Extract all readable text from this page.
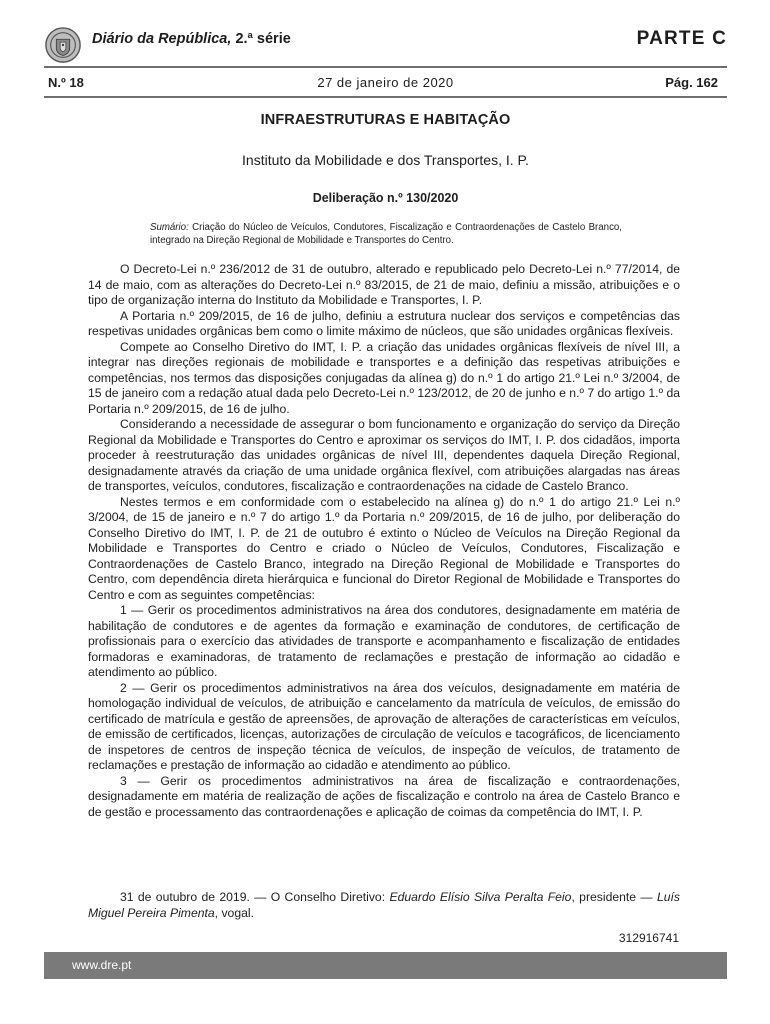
Diário da República, 2.ª série	PARTE C
N.º 18	27 de janeiro de 2020	Pág. 162
INFRAESTRUTURAS E HABITAÇÃO
Instituto da Mobilidade e dos Transportes, I. P.
Deliberação n.º 130/2020
Sumário: Criação do Núcleo de Veículos, Condutores, Fiscalização e Contraordenações de Castelo Branco, integrado na Direção Regional de Mobilidade e Transportes do Centro.

O Decreto-Lei n.º 236/2012 de 31 de outubro, alterado e republicado pelo Decreto-Lei n.º 77/2014, de 14 de maio, com as alterações do Decreto-Lei n.º 83/2015, de 21 de maio, definiu a missão, atribuições e o tipo de organização interna do Instituto da Mobilidade e Transportes, I. P.

A Portaria n.º 209/2015, de 16 de julho, definiu a estrutura nuclear dos serviços e competências das respetivas unidades orgânicas bem como o limite máximo de núcleos, que são unidades orgânicas flexíveis.

Compete ao Conselho Diretivo do IMT, I. P. a criação das unidades orgânicas flexíveis de nível III, a integrar nas direções regionais de mobilidade e transportes e a definição das respetivas atribuições e competências, nos termos das disposições conjugadas da alínea g) do n.º 1 do artigo 21.º Lei n.º 3/2004, de 15 de janeiro com a redação atual dada pelo Decreto-Lei n.º 123/2012, de 20 de junho e n.º 7 do artigo 1.º da Portaria n.º 209/2015, de 16 de julho.

Considerando a necessidade de assegurar o bom funcionamento e organização do serviço da Direção Regional da Mobilidade e Transportes do Centro e aproximar os serviços do IMT, I. P. dos cidadãos, importa proceder à reestruturação das unidades orgânicas de nível III, dependentes daquela Direção Regional, designadamente através da criação de uma unidade orgânica flexível, com atribuições alargadas nas áreas de transportes, veículos, condutores, fiscalização e contraordenações na cidade de Castelo Branco.

Nestes termos e em conformidade com o estabelecido na alínea g) do n.º 1 do artigo 21.º Lei n.º 3/2004, de 15 de janeiro e n.º 7 do artigo 1.º da Portaria n.º 209/2015, de 16 de julho, por deliberação do Conselho Diretivo do IMT, I. P. de 21 de outubro é extinto o Núcleo de Veículos na Direção Regional da Mobilidade e Transportes do Centro e criado o Núcleo de Veículos, Condutores, Fiscalização e Contraordenações de Castelo Branco, integrado na Direção Regional de Mobilidade e Transportes do Centro, com dependência direta hierárquica e funcional do Diretor Regional de Mobilidade e Transportes do Centro e com as seguintes competências:

1 — Gerir os procedimentos administrativos na área dos condutores, designadamente em matéria de habilitação de condutores e de agentes da formação e examinação de condutores, de certificação de profissionais para o exercício das atividades de transporte e acompanhamento e fiscalização de entidades formadoras e examinadoras, de tratamento de reclamações e prestação de informação ao cidadão e atendimento ao público.

2 — Gerir os procedimentos administrativos na área dos veículos, designadamente em matéria de homologação individual de veículos, de atribuição e cancelamento da matrícula de veículos, de emissão do certificado de matrícula e gestão de apreensões, de aprovação de alterações de características em veículos, de emissão de certificados, licenças, autorizações de circulação de veículos e tacográficos, de licenciamento de inspetores de centros de inspeção técnica de veículos, de inspeção de veículos, de tratamento de reclamações e prestação de informação ao cidadão e atendimento ao público.

3 — Gerir os procedimentos administrativos na área de fiscalização e contraordenações, designadamente em matéria de realização de ações de fiscalização e controlo na área de Castelo Branco e de gestão e processamento das contraordenações e aplicação de coimas da competência do IMT, I. P.

31 de outubro de 2019. — O Conselho Diretivo: Eduardo Elísio Silva Peralta Feio, presidente — Luís Miguel Pereira Pimenta, vogal.

312916741
www.dre.pt
